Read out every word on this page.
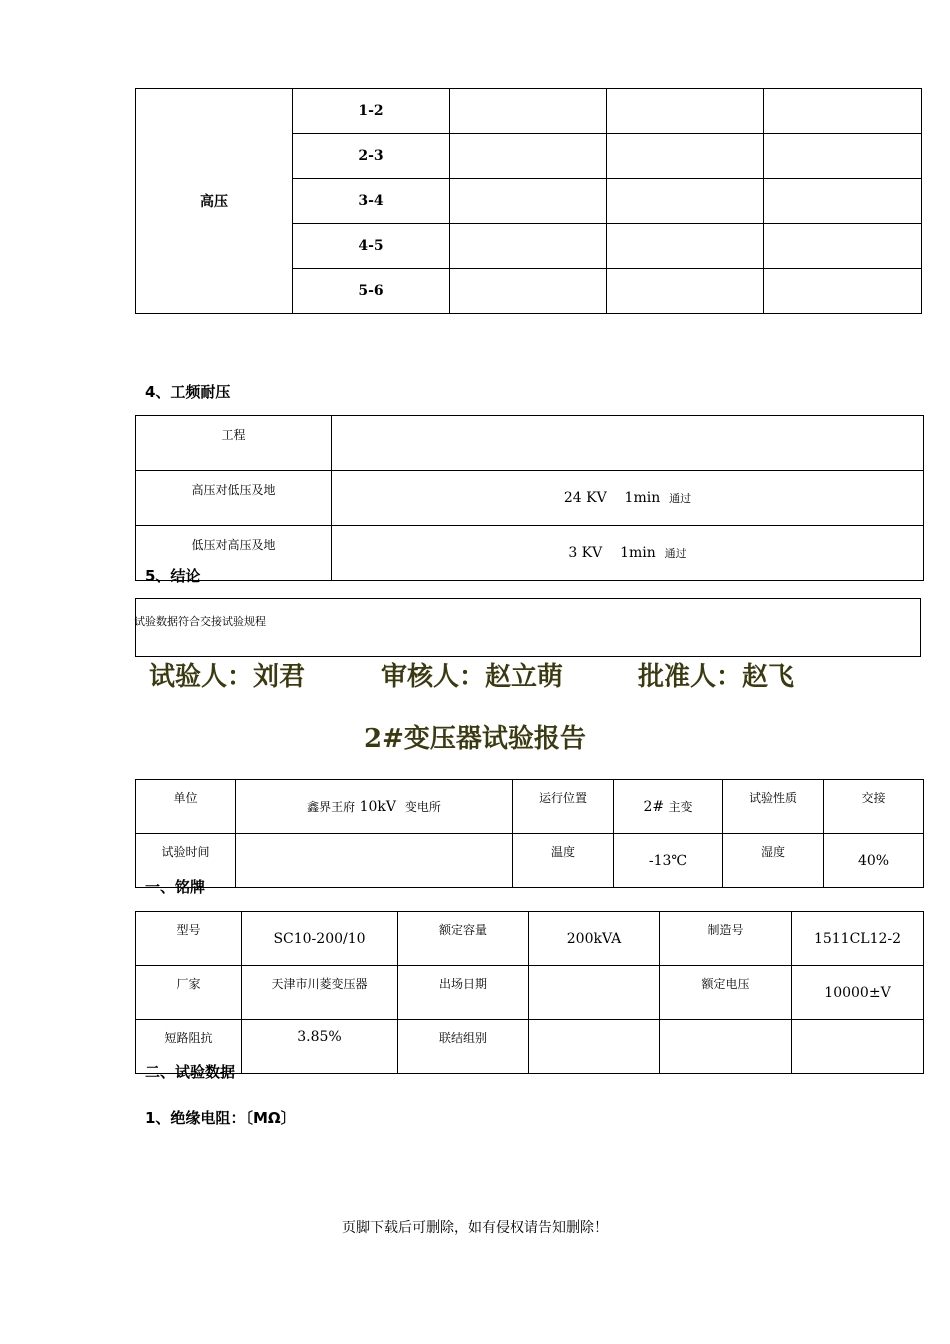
高压	1-2			
	2-3			
	3-4			
	4-5			
	5-6			
4、工频耐压
工程	
高压对低压及地	24 KV 1min 通过
低压对高压及地	3 KV 1min 通过
5、结论
试验数据符合交接试验规程
试验人：刘君	审核人：赵立萌	批准人：赵飞
2#变压器试验报告
单位	鑫界王府 10kV 变电所	运行位置	2# 主变	试验性质	交接
试验时间		温度	-13℃	湿度	40%
一、铭牌
型号	SC10-200/10	额定容量	200kVA	制造号	1511CL12-2
厂家	天津市川菱变压器	出场日期		额定电压	10000±V
短路阻抗	3.85%	联结组别			
二、试验数据
1、绝缘电阻：〔MΩ〕
页脚下载后可删除，如有侵权请告知删除！
